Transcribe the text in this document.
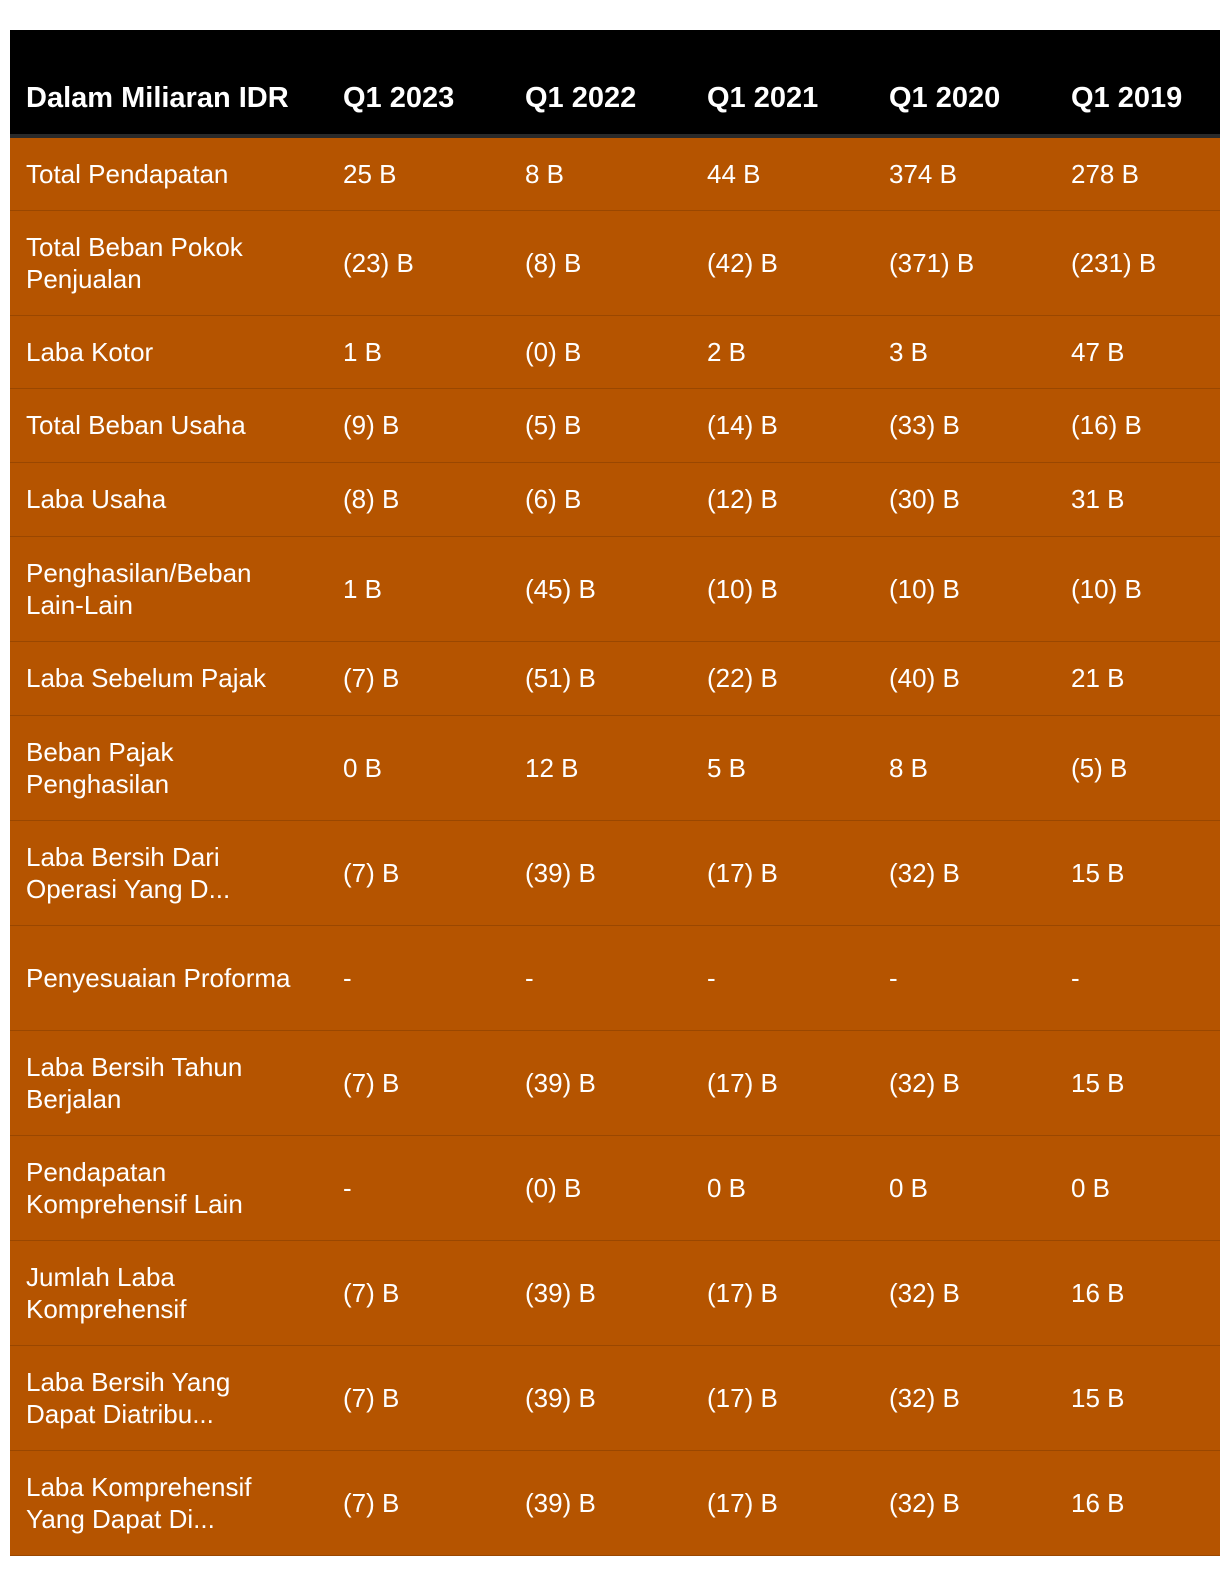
Dalam Miliaran IDR	Q1 2023	Q1 2022	Q1 2021	Q1 2020	Q1 2019

Total Pendapatan	25 B	8 B	44 B	374 B	278 B

Total Beban Pokok Penjualan	(23) B	(8) B	(42) B	(371) B	(231) B

Laba Kotor	1 B	(0) B	2 B	3 B	47 B

Total Beban Usaha	(9) B	(5) B	(14) B	(33) B	(16) B

Laba Usaha	(8) B	(6) B	(12) B	(30) B	31 B

Penghasilan/Beban Lain-Lain	1 B	(45) B	(10) B	(10) B	(10) B

Laba Sebelum Pajak	(7) B	(51) B	(22) B	(40) B	21 B

Beban Pajak Penghasilan	0 B	12 B	5 B	8 B	(5) B

Laba Bersih Dari Operasi Yang D...	(7) B	(39) B	(17) B	(32) B	15 B

Penyesuaian Proforma	-	-	-	-	-

Laba Bersih Tahun Berjalan	(7) B	(39) B	(17) B	(32) B	15 B

Pendapatan Komprehensif Lain	-	(0) B	0 B	0 B	0 B

Jumlah Laba Komprehensif	(7) B	(39) B	(17) B	(32) B	16 B

Laba Bersih Yang Dapat Diatribu...	(7) B	(39) B	(17) B	(32) B	15 B

Laba Komprehensif Yang Dapat Di...	(7) B	(39) B	(17) B	(32) B	16 B
